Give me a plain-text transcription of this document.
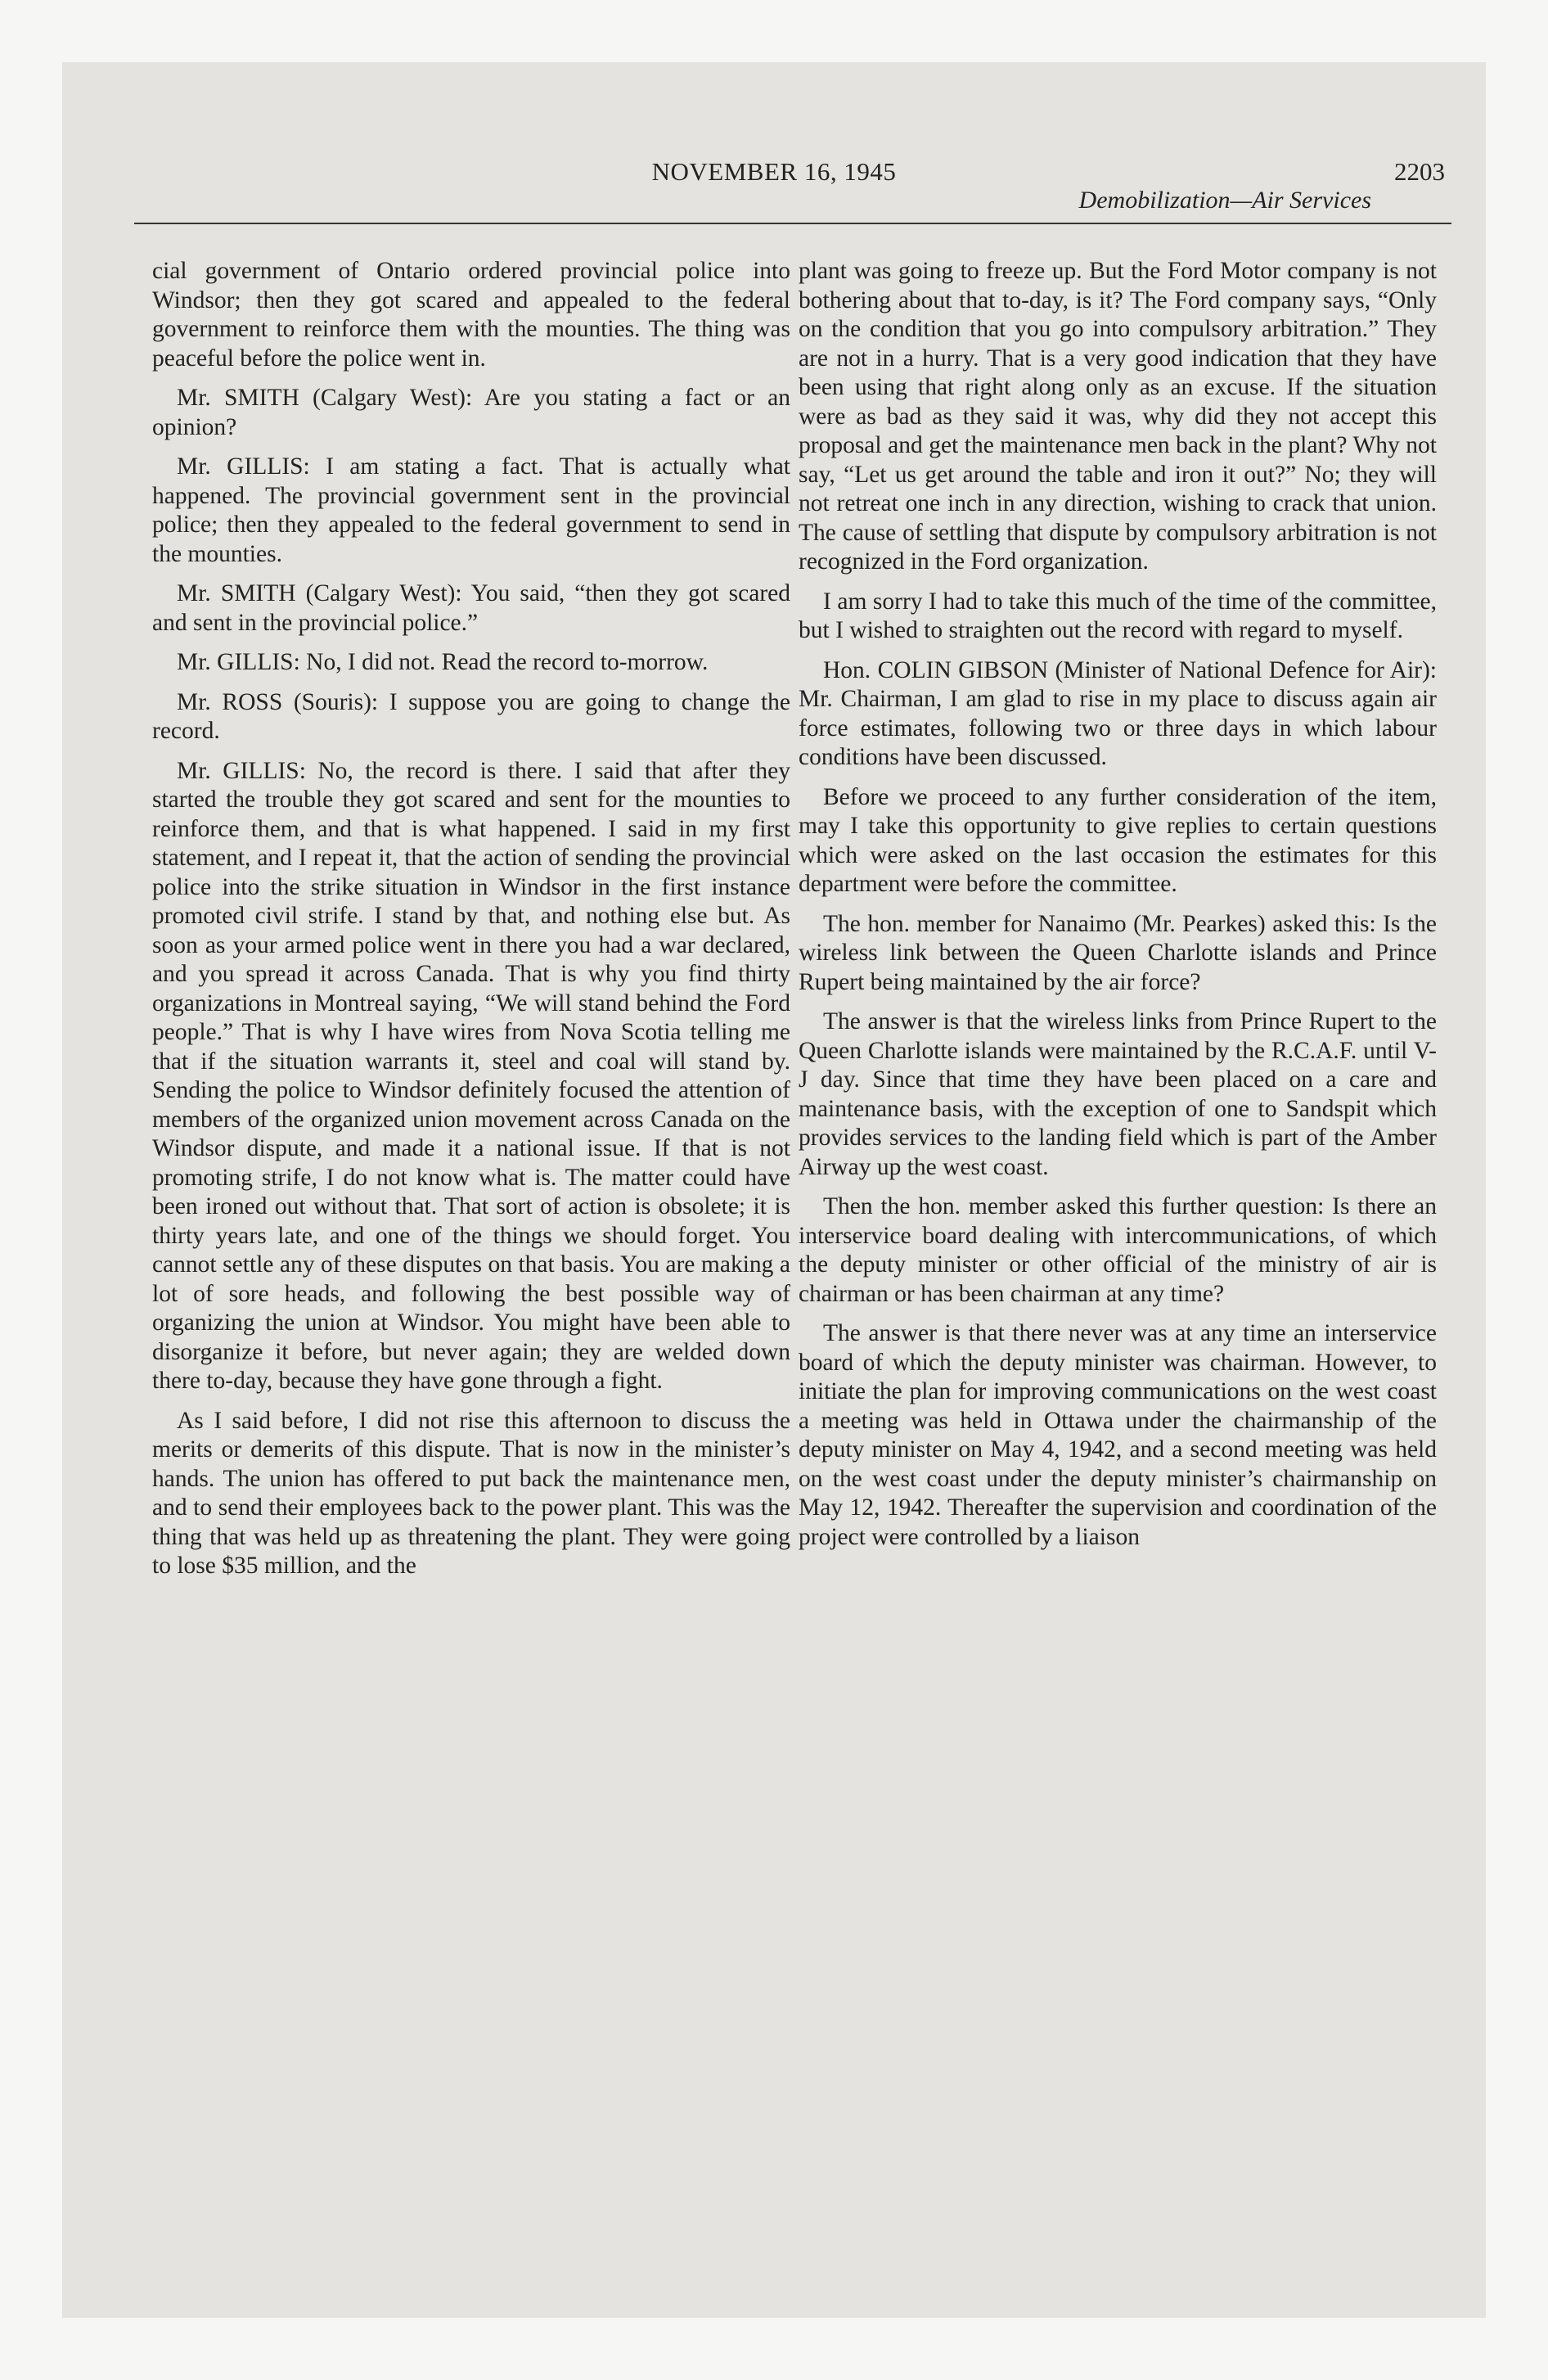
NOVEMBER 16, 1945	2203
Demobilization—Air Services

cial government of Ontario ordered provincial police into Windsor; then they got scared and appealed to the federal government to reinforce them with the mounties. The thing was peaceful before the police went in.

Mr. SMITH (Calgary West): Are you stating a fact or an opinion?

Mr. GILLIS: I am stating a fact. That is actually what happened. The provincial government sent in the provincial police; then they appealed to the federal government to send in the mounties.

Mr. SMITH (Calgary West): You said, “then they got scared and sent in the provincial police.”

Mr. GILLIS: No, I did not. Read the record to-morrow.

Mr. ROSS (Souris): I suppose you are going to change the record.

Mr. GILLIS: No, the record is there. I said that after they started the trouble they got scared and sent for the mounties to reinforce them, and that is what happened. I said in my first statement, and I repeat it, that the action of sending the provincial police into the strike situation in Windsor in the first instance promoted civil strife. I stand by that, and nothing else but. As soon as your armed police went in there you had a war declared, and you spread it across Canada. That is why you find thirty organizations in Montreal saying, “We will stand behind the Ford people.” That is why I have wires from Nova Scotia telling me that if the situation warrants it, steel and coal will stand by. Sending the police to Windsor definitely focused the attention of members of the organized union movement across Canada on the Windsor dispute, and made it a national issue. If that is not promoting strife, I do not know what is. The matter could have been ironed out without that. That sort of action is obsolete; it is thirty years late, and one of the things we should forget. You cannot settle any of these disputes on that basis. You are making a lot of sore heads, and following the best possible way of organizing the union at Windsor. You might have been able to disorganize it before, but never again; they are welded down there to-day, because they have gone through a fight.

As I said before, I did not rise this afternoon to discuss the merits or demerits of this dispute. That is now in the minister’s hands. The union has offered to put back the maintenance men, and to send their employees back to the power plant. This was the thing that was held up as threatening the plant. They were going to lose $35 million, and the

plant was going to freeze up. But the Ford Motor company is not bothering about that to-day, is it? The Ford company says, “Only on the condition that you go into compulsory arbitration.” They are not in a hurry. That is a very good indication that they have been using that right along only as an excuse. If the situation were as bad as they said it was, why did they not accept this proposal and get the maintenance men back in the plant? Why not say, “Let us get around the table and iron it out?” No; they will not retreat one inch in any direction, wishing to crack that union. The cause of settling that dispute by compulsory arbitration is not recognized in the Ford organization.

I am sorry I had to take this much of the time of the committee, but I wished to straighten out the record with regard to myself.

Hon. COLIN GIBSON (Minister of National Defence for Air): Mr. Chairman, I am glad to rise in my place to discuss again air force estimates, following two or three days in which labour conditions have been discussed.

Before we proceed to any further consideration of the item, may I take this opportunity to give replies to certain questions which were asked on the last occasion the estimates for this department were before the committee.

The hon. member for Nanaimo (Mr. Pearkes) asked this: Is the wireless link between the Queen Charlotte islands and Prince Rupert being maintained by the air force?

The answer is that the wireless links from Prince Rupert to the Queen Charlotte islands were maintained by the R.C.A.F. until V-J day. Since that time they have been placed on a care and maintenance basis, with the exception of one to Sandspit which provides services to the landing field which is part of the Amber Airway up the west coast.

Then the hon. member asked this further question: Is there an interservice board dealing with intercommunications, of which the deputy minister or other official of the ministry of air is chairman or has been chairman at any time?

The answer is that there never was at any time an interservice board of which the deputy minister was chairman. However, to initiate the plan for improving communications on the west coast a meeting was held in Ottawa under the chairmanship of the deputy minister on May 4, 1942, and a second meeting was held on the west coast under the deputy minister’s chairmanship on May 12, 1942. Thereafter the supervision and coordination of the project were controlled by a liaison
